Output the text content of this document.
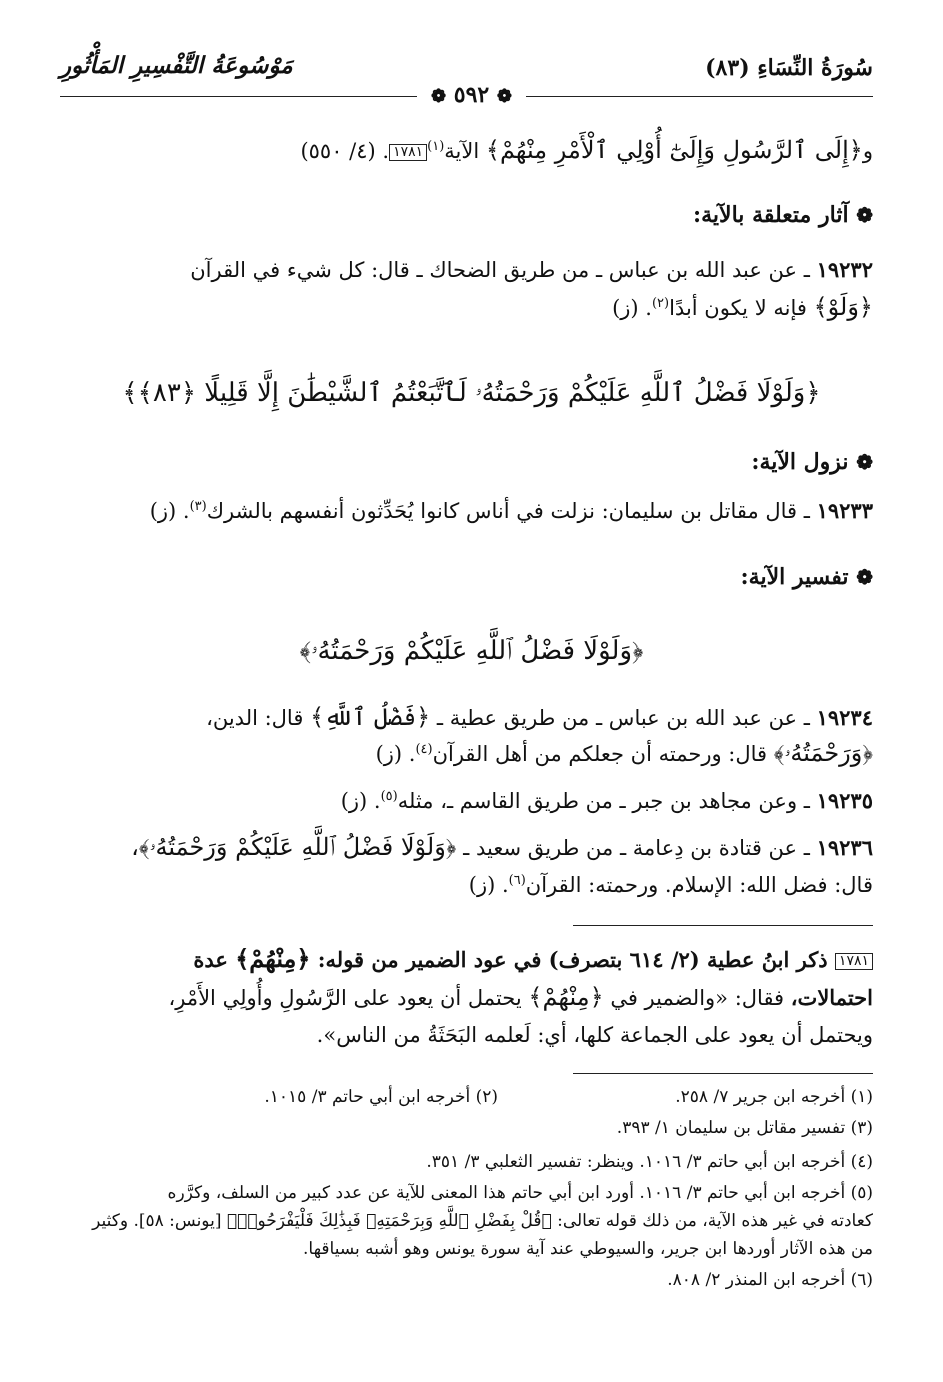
سُورَةُ النِّسَاءِ (٨٣)
مَوْسُوعَةُ التَّفْسِيرِ المَأْثُورِ
❁ ٥٩٢ ❁
و﴿إِلَى ٱلرَّسُولِ وَإِلَىٰٓ أُوْلِي ٱلْأَمْرِ مِنْهُمْ﴾ الآية$^{(١)}$١٧٨١. (٤/ ٥٥٠)
❁ آثار متعلقة بالآية:
١٩٢٣٢ ـ عن عبد الله بن عباس ـ من طريق الضحاك ـ قال: كل شيء في القرآن
﴿وَلَوْ﴾ فإنه لا يكون أبدًا$^{(٢)}$. (ز)
﴿وَلَوْلَا فَضْلُ ٱللَّهِ عَلَيْكُمْ وَرَحْمَتُهُۥ لَٱتَّبَعْتُمُ ٱلشَّيْطَٰنَ إِلَّا قَلِيلًا ﴿٨٣﴾﴾
❁ نزول الآية:
١٩٢٣٣ ـ قال مقاتل بن سليمان: نزلت في أناس كانوا يُحَدِّثون أنفسهم بالشرك$^{(٣)}$. (ز)
❁ تفسير الآية:
﴿وَلَوْلَا فَضْلُ ٱللَّهِ عَلَيْكُمْ وَرَحْمَتُهُۥ﴾
١٩٢٣٤ ـ عن عبد الله بن عباس ـ من طريق عطية ـ ﴿فَضْلُ ٱللَّهِ﴾ قال: الدين،
﴿وَرَحْمَتُهُۥ﴾ قال: ورحمته أن جعلكم من أهل القرآن$^{(٤)}$. (ز)
١٩٢٣٥ ـ وعن مجاهد بن جبر ـ من طريق القاسم ـ، مثله$^{(٥)}$. (ز)
١٩٢٣٦ ـ عن قتادة بن دِعامة ـ من طريق سعيد ـ ﴿وَلَوْلَا فَضْلُ ٱللَّهِ عَلَيْكُمْ وَرَحْمَتُهُۥ﴾،
قال: فضل الله: الإسلام. ورحمته: القرآن$^{(٦)}$. (ز)
١٧٨١ ذكر ابنُ عطية (٢/ ٦١٤ بتصرف) في عود الضمير من قوله: ﴿مِنْهُمْ﴾ عدة
احتمالات، فقال: «والضمير في ﴿مِنْهُمْ﴾ يحتمل أن يعود على الرَّسُولِ وأُولِي الأَمْرِ،
ويحتمل أن يعود على الجماعة كلها، أي: لَعلمه البَحَثَةُ من الناس».
(١) أخرجه ابن جرير ٧/ ٢٥٨.
(٢) أخرجه ابن أبي حاتم ٣/ ١٠١٥.
(٣) تفسير مقاتل بن سليمان ١/ ٣٩٣.
(٤) أخرجه ابن أبي حاتم ٣/ ١٠١٦. وينظر: تفسير الثعلبي ٣/ ٣٥١.
(٥) أخرجه ابن أبي حاتم ٣/ ١٠١٦. أورد ابن أبي حاتم هذا المعنى للآية عن عدد كبير من السلف، وكرَّره
كعادته في غير هذه الآية، من ذلك قوله تعالى: ﴿قُلْ بِفَضْلِ ٱللَّهِ وَبِرَحْمَتِهِۦ فَبِذَٰلِكَ فَلْيَفْرَحُوا۟﴾ [يونس: ٥٨]. وكثير
من هذه الآثار أوردها ابن جرير، والسيوطي عند آية سورة يونس وهو أشبه بسياقها.
(٦) أخرجه ابن المنذر ٢/ ٨٠٨.
